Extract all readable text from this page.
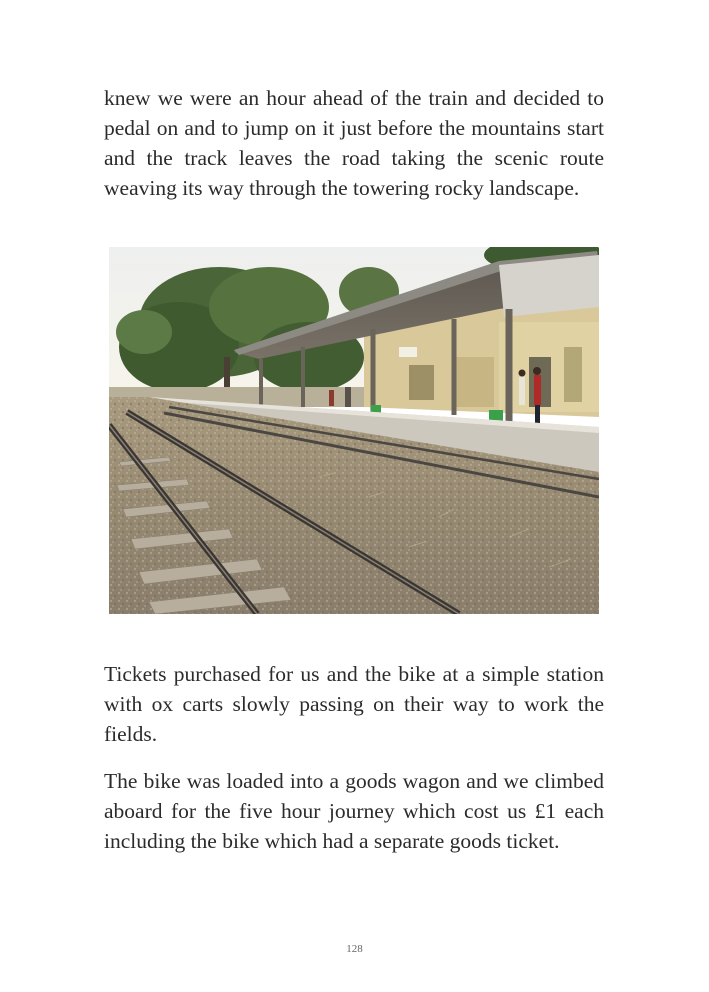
knew we were an hour ahead of the train and decided to pedal on and to jump on it just before the mountains start and the track leaves the road taking the scenic route weaving its way through the towering rocky landscape.

Tickets purchased for us and the bike at a simple station with ox carts slowly passing on their way to work the fields.

The bike was loaded into a goods wagon and we climbed aboard for the five hour journey which cost us £1 each including the bike which had a separate goods ticket.

128
